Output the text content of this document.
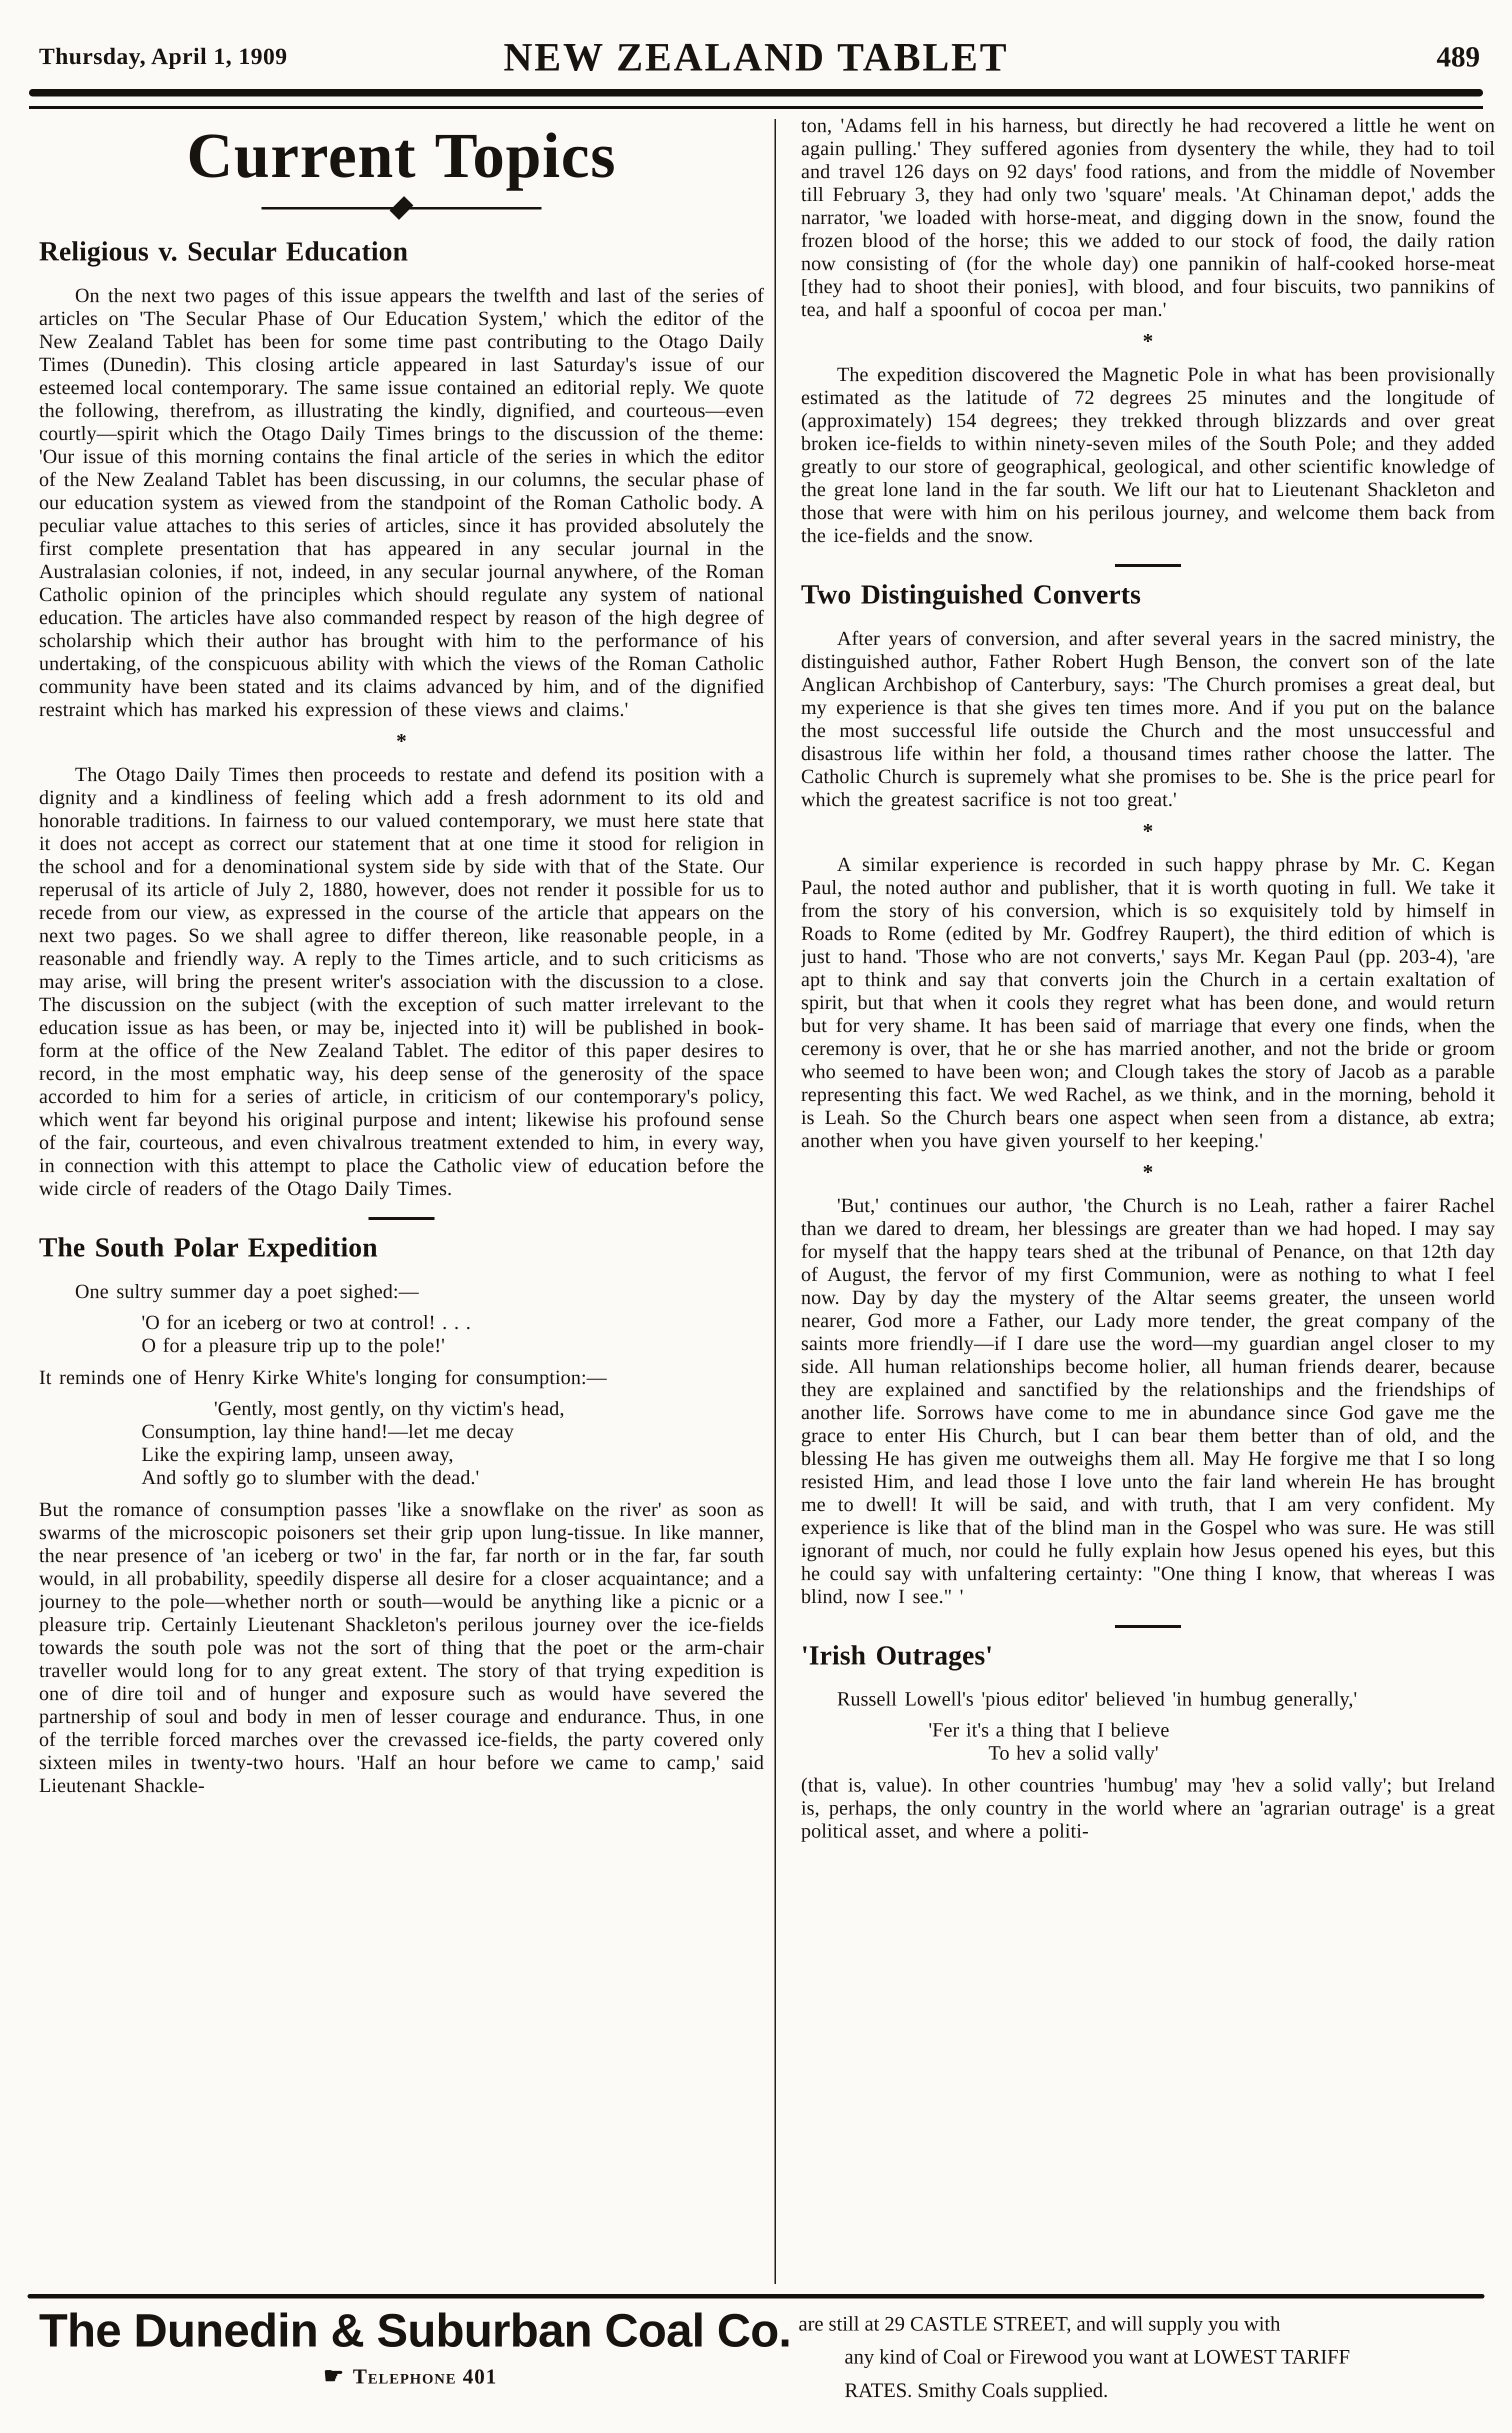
Thursday, April 1, 1909	NEW ZEALAND TABLET	489
Current Topics
Religious v. Secular Education

On the next two pages of this issue appears the twelfth and last of the series of articles on 'The Secular Phase of Our Education System,' which the editor of the New Zealand Tablet has been for some time past contributing to the Otago Daily Times (Dunedin). This closing article appeared in last Saturday's issue of our esteemed local contemporary. The same issue contained an editorial reply. We quote the following, therefrom, as illustrating the kindly, dignified, and courteous—even courtly—spirit which the Otago Daily Times brings to the discussion of the theme: 'Our issue of this morning contains the final article of the series in which the editor of the New Zealand Tablet has been discussing, in our columns, the secular phase of our education system as viewed from the standpoint of the Roman Catholic body. A peculiar value attaches to this series of articles, since it has provided absolutely the first complete presentation that has appeared in any secular journal in the Australasian colonies, if not, indeed, in any secular journal anywhere, of the Roman Catholic opinion of the principles which should regulate any system of national education. The articles have also commanded respect by reason of the high degree of scholarship which their author has brought with him to the performance of his undertaking, of the conspicuous ability with which the views of the Roman Catholic community have been stated and its claims advanced by him, and of the dignified restraint which has marked his expression of these views and claims.'

*

The Otago Daily Times then proceeds to restate and defend its position with a dignity and a kindliness of feeling which add a fresh adornment to its old and honorable traditions. In fairness to our valued contemporary, we must here state that it does not accept as correct our statement that at one time it stood for religion in the school and for a denominational system side by side with that of the State. Our reperusal of its article of July 2, 1880, however, does not render it possible for us to recede from our view, as expressed in the course of the article that appears on the next two pages. So we shall agree to differ thereon, like reasonable people, in a reasonable and friendly way. A reply to the Times article, and to such criticisms as may arise, will bring the present writer's association with the discussion to a close. The discussion on the subject (with the exception of such matter irrelevant to the education issue as has been, or may be, injected into it) will be published in book-form at the office of the New Zealand Tablet. The editor of this paper desires to record, in the most emphatic way, his deep sense of the generosity of the space accorded to him for a series of article, in criticism of our contemporary's policy, which went far beyond his original purpose and intent; likewise his profound sense of the fair, courteous, and even chivalrous treatment extended to him, in every way, in connection with this attempt to place the Catholic view of education before the wide circle of readers of the Otago Daily Times.

The South Polar Expedition

One sultry summer day a poet sighed:—

'O for an iceberg or two at control! . . .
O for a pleasure trip up to the pole!'

It reminds one of Henry Kirke White's longing for consumption:—

'Gently, most gently, on thy victim's head,
Consumption, lay thine hand!—let me decay
Like the expiring lamp, unseen away,
And softly go to slumber with the dead.'

But the romance of consumption passes 'like a snowflake on the river' as soon as swarms of the microscopic poisoners set their grip upon lung-tissue. In like manner, the near presence of 'an iceberg or two' in the far, far north or in the far, far south would, in all probability, speedily disperse all desire for a closer acquaintance; and a journey to the pole—whether north or south—would be anything like a picnic or a pleasure trip. Certainly Lieutenant Shackleton's perilous journey over the ice-fields towards the south pole was not the sort of thing that the poet or the arm-chair traveller would long for to any great extent. The story of that trying expedition is one of dire toil and of hunger and exposure such as would have severed the partnership of soul and body in men of lesser courage and endurance. Thus, in one of the terrible forced marches over the crevassed ice-fields, the party covered only sixteen miles in twenty-two hours. 'Half an hour before we came to camp,' said Lieutenant Shackle-

ton, 'Adams fell in his harness, but directly he had recovered a little he went on again pulling.' They suffered agonies from dysentery the while, they had to toil and travel 126 days on 92 days' food rations, and from the middle of November till February 3, they had only two 'square' meals. 'At Chinaman depot,' adds the narrator, 'we loaded with horse-meat, and digging down in the snow, found the frozen blood of the horse; this we added to our stock of food, the daily ration now consisting of (for the whole day) one pannikin of half-cooked horse-meat [they had to shoot their ponies], with blood, and four biscuits, two pannikins of tea, and half a spoonful of cocoa per man.'

*

The expedition discovered the Magnetic Pole in what has been provisionally estimated as the latitude of 72 degrees 25 minutes and the longitude of (approximately) 154 degrees; they trekked through blizzards and over great broken ice-fields to within ninety-seven miles of the South Pole; and they added greatly to our store of geographical, geological, and other scientific knowledge of the great lone land in the far south. We lift our hat to Lieutenant Shackleton and those that were with him on his perilous journey, and welcome them back from the ice-fields and the snow.

Two Distinguished Converts

After years of conversion, and after several years in the sacred ministry, the distinguished author, Father Robert Hugh Benson, the convert son of the late Anglican Archbishop of Canterbury, says: 'The Church promises a great deal, but my experience is that she gives ten times more. And if you put on the balance the most successful life outside the Church and the most unsuccessful and disastrous life within her fold, a thousand times rather choose the latter. The Catholic Church is supremely what she promises to be. She is the price pearl for which the greatest sacrifice is not too great.'

*

A similar experience is recorded in such happy phrase by Mr. C. Kegan Paul, the noted author and publisher, that it is worth quoting in full. We take it from the story of his conversion, which is so exquisitely told by himself in Roads to Rome (edited by Mr. Godfrey Raupert), the third edition of which is just to hand. 'Those who are not converts,' says Mr. Kegan Paul (pp. 203-4), 'are apt to think and say that converts join the Church in a certain exaltation of spirit, but that when it cools they regret what has been done, and would return but for very shame. It has been said of marriage that every one finds, when the ceremony is over, that he or she has married another, and not the bride or groom who seemed to have been won; and Clough takes the story of Jacob as a parable representing this fact. We wed Rachel, as we think, and in the morning, behold it is Leah. So the Church bears one aspect when seen from a distance, ab extra; another when you have given yourself to her keeping.'

*

'But,' continues our author, 'the Church is no Leah, rather a fairer Rachel than we dared to dream, her blessings are greater than we had hoped. I may say for myself that the happy tears shed at the tribunal of Penance, on that 12th day of August, the fervor of my first Communion, were as nothing to what I feel now. Day by day the mystery of the Altar seems greater, the unseen world nearer, God more a Father, our Lady more tender, the great company of the saints more friendly—if I dare use the word—my guardian angel closer to my side. All human relationships become holier, all human friends dearer, because they are explained and sanctified by the relationships and the friendships of another life. Sorrows have come to me in abundance since God gave me the grace to enter His Church, but I can bear them better than of old, and the blessing He has given me outweighs them all. May He forgive me that I so long resisted Him, and lead those I love unto the fair land wherein He has brought me to dwell! It will be said, and with truth, that I am very confident. My experience is like that of the blind man in the Gospel who was sure. He was still ignorant of much, nor could he fully explain how Jesus opened his eyes, but this he could say with unfaltering certainty: "One thing I know, that whereas I was blind, now I see." '

'Irish Outrages'

Russell Lowell's 'pious editor' believed 'in humbug generally,'

'Fer it's a thing that I believe
To hev a solid vally'

(that is, value). In other countries 'humbug' may 'hev a solid vally'; but Ireland is, perhaps, the only country in the world where an 'agrarian outrage' is a great political asset, and where a politi-

The Dunedin & Suburban Coal Co.
☛ Telephone 401
are still at 29 CASTLE STREET, and will supply you with
any kind of Coal or Firewood you want at LOWEST TARIFF
RATES. Smithy Coals supplied.
